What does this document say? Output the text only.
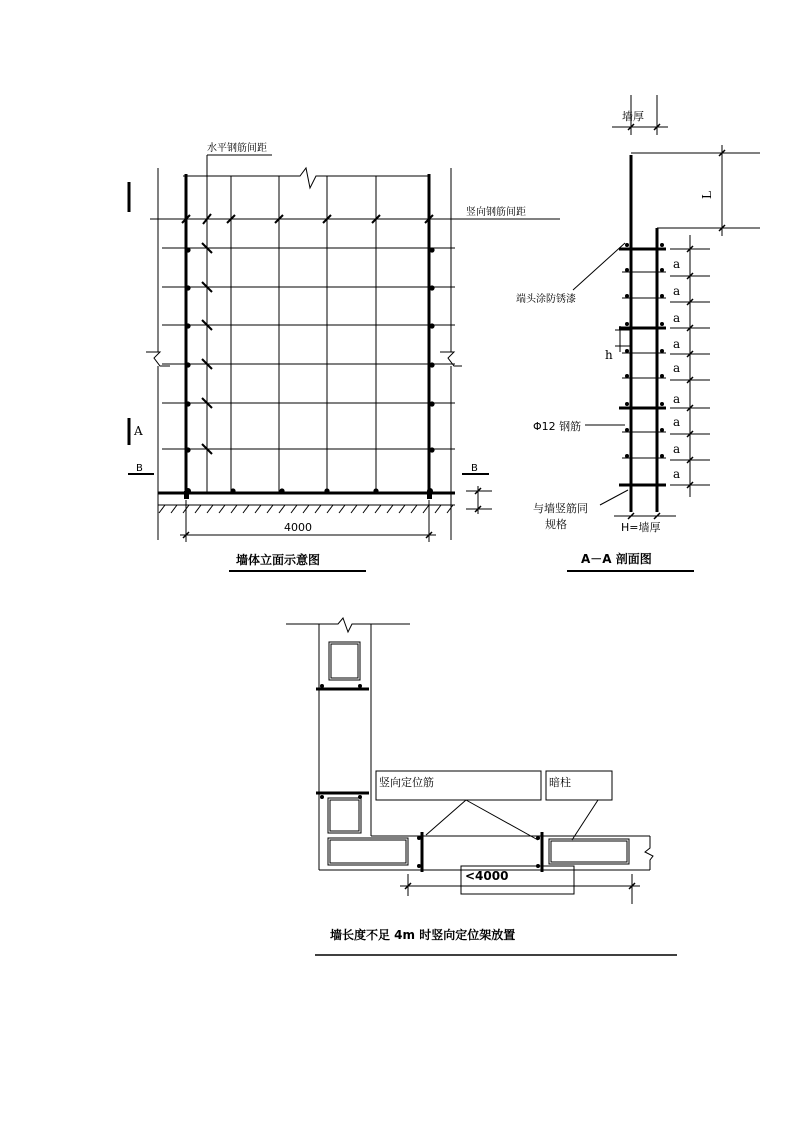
水平钢筋间距
竖向钢筋间距
4000
A
B	B
墙体立面示意图
墙厚
L
端头涂防锈漆
h
Φ12 钢筋
与墙竖筋同
规格	H=墙厚
A－A 剖面图
a
a
a
a
a
a
a
a
a
竖向定位筋	暗柱
<4000
墙长度不足 4m 时竖向定位架放置
